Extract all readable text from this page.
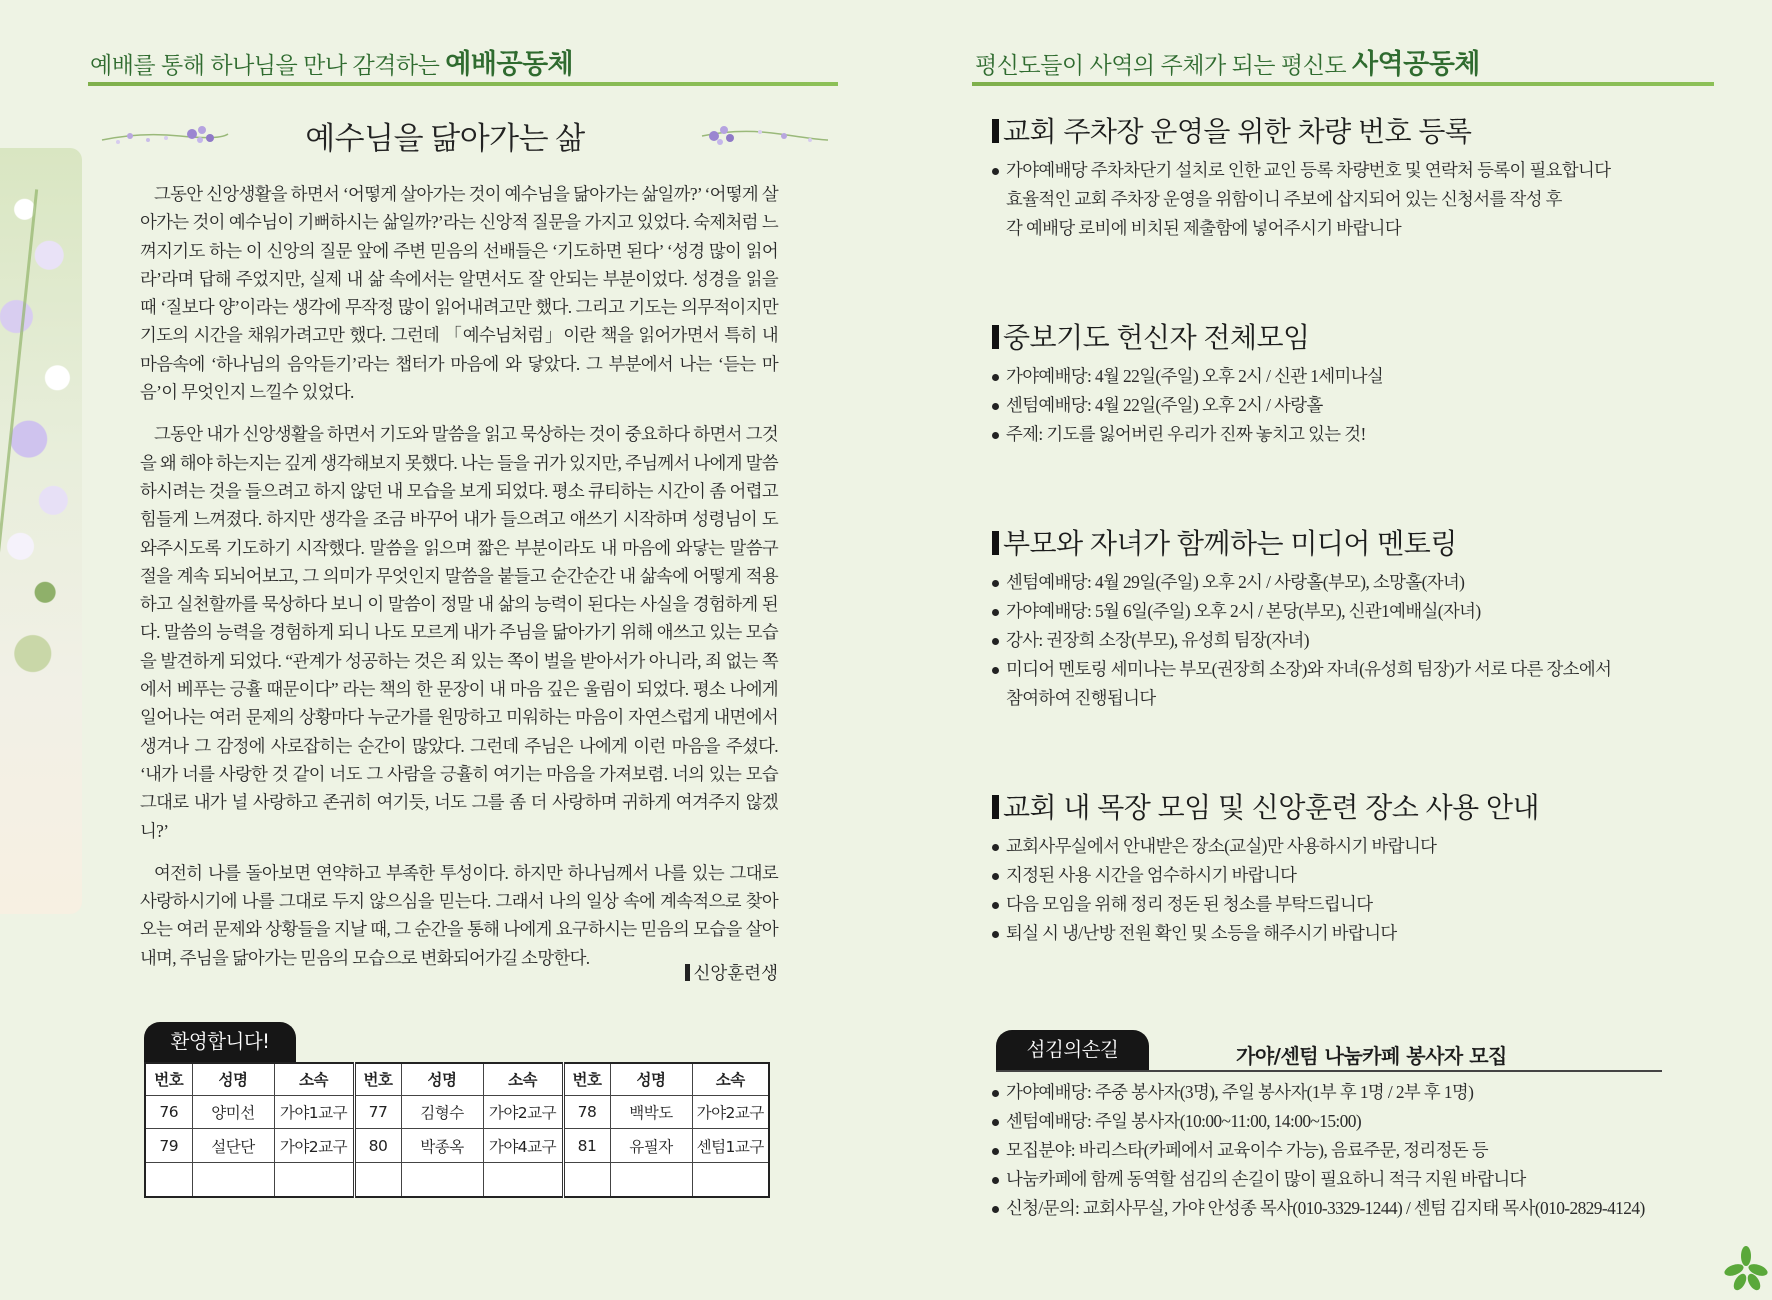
예배를 통해 하나님을 만나 감격하는 예배공동체
예수님을 닮아가는 삶

그동안 신앙생활을 하면서 ‘어떻게 살아가는 것이 예수님을 닮아가는 삶일까?’ ‘어떻게 살아가는 것이 예수님이 기뻐하시는 삶일까?’라는 신앙적 질문을 가지고 있었다. 숙제처럼 느껴지기도 하는 이 신앙의 질문 앞에 주변 믿음의 선배들은 ‘기도하면 된다’ ‘성경 많이 읽어라’라며 답해 주었지만, 실제 내 삶 속에서는 알면서도 잘 안되는 부분이었다. 성경을 읽을 때 ‘질보다 양’이라는 생각에 무작정 많이 읽어내려고만 했다. 그리고 기도는 의무적이지만 기도의 시간을 채워가려고만 했다. 그런데 「예수님처럼」이란 책을 읽어가면서 특히 내 마음속에 ‘하나님의 음악듣기’라는 챕터가 마음에 와 닿았다. 그 부분에서 나는 ‘듣는 마음’이 무엇인지 느낄수 있었다.

그동안 내가 신앙생활을 하면서 기도와 말씀을 읽고 묵상하는 것이 중요하다 하면서 그것을 왜 해야 하는지는 깊게 생각해보지 못했다. 나는 들을 귀가 있지만, 주님께서 나에게 말씀하시려는 것을 들으려고 하지 않던 내 모습을 보게 되었다. 평소 큐티하는 시간이 좀 어렵고 힘들게 느껴졌다. 하지만 생각을 조금 바꾸어 내가 들으려고 애쓰기 시작하며 성령님이 도와주시도록 기도하기 시작했다. 말씀을 읽으며 짧은 부분이라도 내 마음에 와닿는 말씀구절을 계속 되뇌어보고, 그 의미가 무엇인지 말씀을 붙들고 순간순간 내 삶속에 어떻게 적용하고 실천할까를 묵상하다 보니 이 말씀이 정말 내 삶의 능력이 된다는 사실을 경험하게 된다. 말씀의 능력을 경험하게 되니 나도 모르게 내가 주님을 닮아가기 위해 애쓰고 있는 모습을 발견하게 되었다. “관계가 성공하는 것은 죄 있는 쪽이 벌을 받아서가 아니라, 죄 없는 쪽에서 베푸는 긍휼 때문이다” 라는 책의 한 문장이 내 마음 깊은 울림이 되었다. 평소 나에게 일어나는 여러 문제의 상황마다 누군가를 원망하고 미워하는 마음이 자연스럽게 내면에서 생겨나 그 감정에 사로잡히는 순간이 많았다. 그런데 주님은 나에게 이런 마음을 주셨다. ‘내가 너를 사랑한 것 같이 너도 그 사람을 긍휼히 여기는 마음을 가져보렴. 너의 있는 모습 그대로 내가 널 사랑하고 존귀히 여기듯, 너도 그를 좀 더 사랑하며 귀하게 여겨주지 않겠니?’

여전히 나를 돌아보면 연약하고 부족한 투성이다. 하지만 하나님께서 나를 있는 그대로 사랑하시기에 나를 그대로 두지 않으심을 믿는다. 그래서 나의 일상 속에 계속적으로 찾아오는 여러 문제와 상황들을 지날 때, 그 순간을 통해 나에게 요구하시는 믿음의 모습을 살아내며, 주님을 닮아가는 믿음의 모습으로 변화되어가길 소망한다.

신앙훈련생
환영합니다!
번호	성명	소속	번호	성명	소속	번호	성명	소속
76	양미선	가야1교구	77	김형수	가야2교구	78	백박도	가야2교구
79	설단단	가야2교구	80	박종옥	가야4교구	81	유필자	센텀1교구

평신도들이 사역의 주체가 되는 평신도 사역공동체
교회 주차장 운영을 위한 차량 번호 등록
가야예배당 주차차단기 설치로 인한 교인 등록 차량번호 및 연락처 등록이 필요합니다
효율적인 교회 주차장 운영을 위함이니 주보에 삽지되어 있는 신청서를 작성 후
각 예배당 로비에 비치된 제출함에 넣어주시기 바랍니다
중보기도 헌신자 전체모임
가야예배당: 4월 22일(주일) 오후 2시 / 신관 1세미나실
센텀예배당: 4월 22일(주일) 오후 2시 / 사랑홀
주제: 기도를 잃어버린 우리가 진짜 놓치고 있는 것!
부모와 자녀가 함께하는 미디어 멘토링
센텀예배당: 4월 29일(주일) 오후 2시 / 사랑홀(부모), 소망홀(자녀)
가야예배당: 5월 6일(주일) 오후 2시 / 본당(부모), 신관1예배실(자녀)
강사: 권장희 소장(부모), 유성희 팀장(자녀)
미디어 멘토링 세미나는 부모(권장희 소장)와 자녀(유성희 팀장)가 서로 다른 장소에서
참여하여 진행됩니다
교회 내 목장 모임 및 신앙훈련 장소 사용 안내
교회사무실에서 안내받은 장소(교실)만 사용하시기 바랍니다
지정된 사용 시간을 엄수하시기 바랍니다
다음 모임을 위해 정리 정돈 된 청소를 부탁드립니다
퇴실 시 냉/난방 전원 확인 및 소등을 해주시기 바랍니다
섬김의손길	가야/센텀 나눔카페 봉사자 모집
가야예배당: 주중 봉사자(3명), 주일 봉사자(1부 후 1명 / 2부 후 1명)
센텀예배당: 주일 봉사자(10:00~11:00, 14:00~15:00)
모집분야: 바리스타(카페에서 교육이수 가능), 음료주문, 정리정돈 등
나눔카페에 함께 동역할 섬김의 손길이 많이 필요하니 적극 지원 바랍니다
신청/문의: 교회사무실, 가야 안성종 목사(010-3329-1244) / 센텀 김지태 목사(010-2829-4124)
